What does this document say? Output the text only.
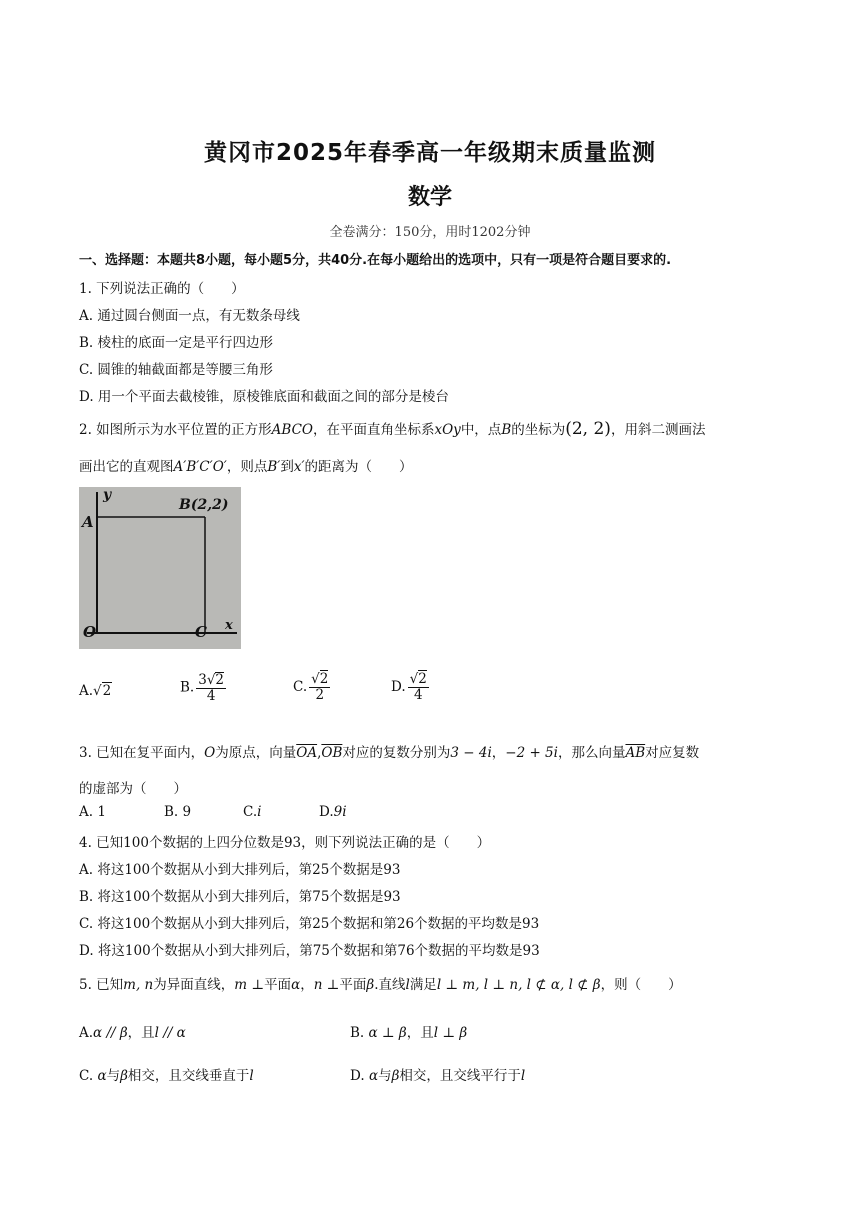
黄冈市2025年春季高一年级期末质量监测
数学
全卷满分：150分，用时1202分钟
一、选择题：本题共8小题，每小题5分，共40分.在每小题给出的选项中，只有一项是符合题目要求的.
1. 下列说法正确的（　　）
A. 通过圆台侧面一点，有无数条母线
B. 棱柱的底面一定是平行四边形
C. 圆锥的轴截面都是等腰三角形
D. 用一个平面去截棱锥，原棱锥底面和截面之间的部分是棱台
2. 如图所示为水平位置的正方形ABCO，在平面直角坐标系xOy中，点B的坐标为(2, 2)，用斜二测画法
画出它的直观图A′B′C′O′，则点B′到x′的距离为（　　）
y
A
B(2,2)
O	C x
A.√2	B. $\frac{3√2}{4}$	C. $\frac{√2}{2}$	D. $\frac{√2}{4}$
3. 已知在复平面内，O为原点，向量$\overline{OA},\overline{OB}$对应的复数分别为3 − 4i，−2 + 5i，那么向量$\overline{AB}$对应复数
的虚部为（　　）
A. 1	B. 9	C.i	D.9i
4. 已知100个数据的上四分位数是93，则下列说法正确的是（　　）
A. 将这100个数据从小到大排列后，第25个数据是93
B. 将这100个数据从小到大排列后，第75个数据是93
C. 将这100个数据从小到大排列后，第25个数据和第26个数据的平均数是93
D. 将这100个数据从小到大排列后，第75个数据和第76个数据的平均数是93
5. 已知m, n为异面直线，m ⊥平面α，n ⊥平面β.直线l满足l ⊥ m, l ⊥ n, l ⊄ α, l ⊄ β，则（　　）
A.α // β，且l // α	B. α ⊥ β，且l ⊥ β
C. α与β相交，且交线垂直于l	D. α与β相交，且交线平行于l
